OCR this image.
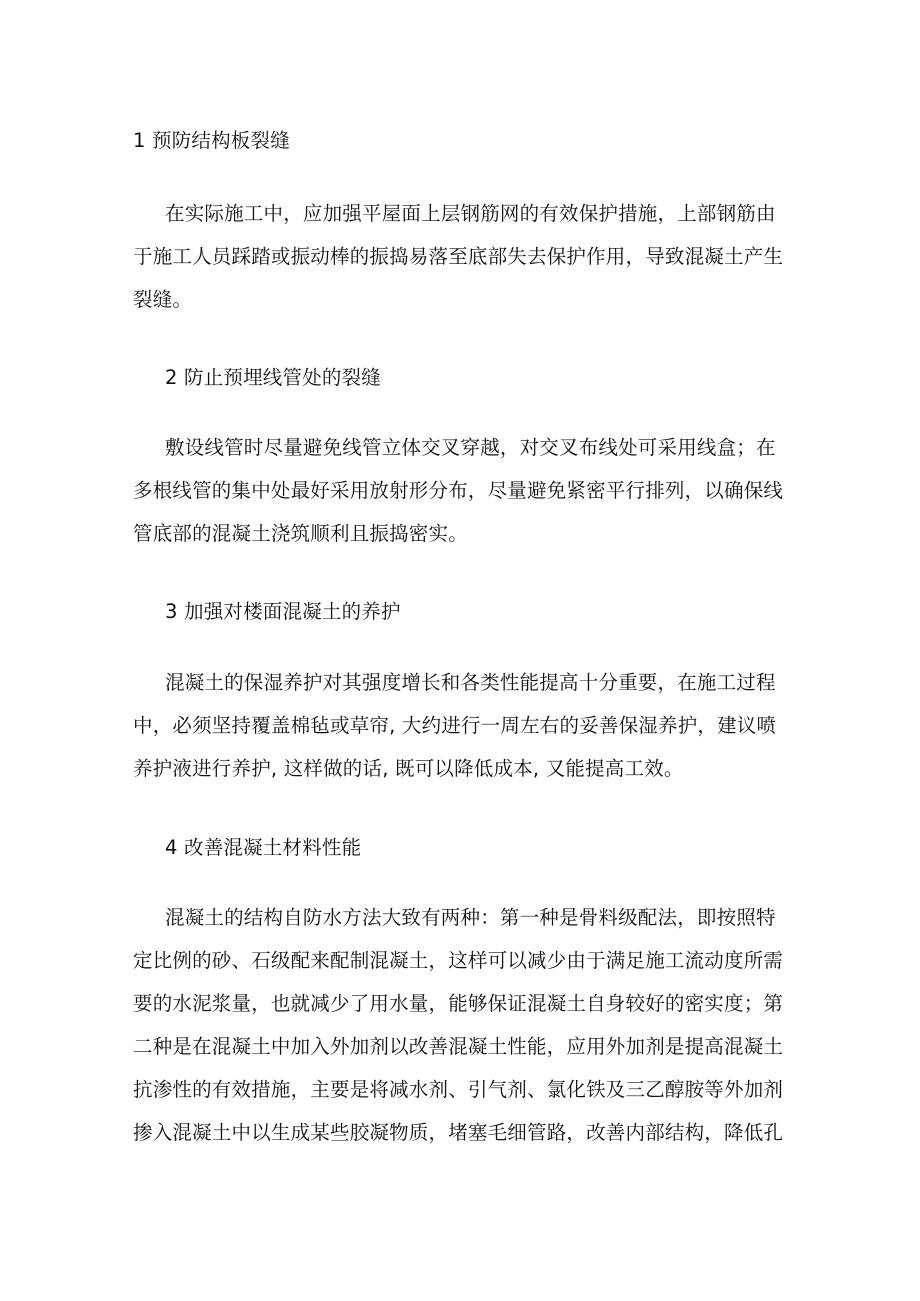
1 预防结构板裂缝

在实际施工中，应加强平屋面上层钢筋网的有效保护措施，上部钢筋由于施工人员踩踏或振动棒的振捣易落至底部失去保护作用，导致混凝土产生裂缝。

2 防止预埋线管处的裂缝

敷设线管时尽量避免线管立体交叉穿越，对交叉布线处可采用线盒；在多根线管的集中处最好采用放射形分布，尽量避免紧密平行排列，以确保线管底部的混凝土浇筑顺利且振捣密实。

3 加强对楼面混凝土的养护

混凝土的保湿养护对其强度增长和各类性能提高十分重要，在施工过程中，必须坚持覆盖棉毡或草帘, 大约进行一周左右的妥善保湿养护，建议喷养护液进行养护, 这样做的话, 既可以降低成本, 又能提高工效。

4 改善混凝土材料性能

混凝土的结构自防水方法大致有两种：第一种是骨料级配法，即按照特定比例的砂、石级配来配制混凝土，这样可以减少由于满足施工流动度所需要的水泥浆量，也就减少了用水量，能够保证混凝土自身较好的密实度；第二种是在混凝土中加入外加剂以改善混凝土性能，应用外加剂是提高混凝土抗渗性的有效措施，主要是将减水剂、引气剂、氯化铁及三乙醇胺等外加剂掺入混凝土中以生成某些胶凝物质，堵塞毛细管路，改善内部结构，降低孔
